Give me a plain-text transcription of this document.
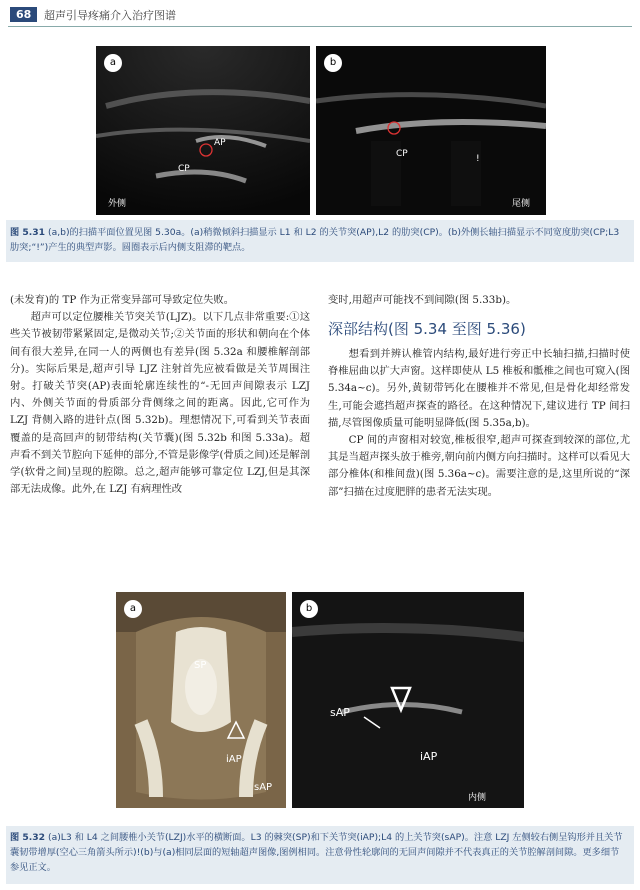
68	超声引导疼痛介入治疗图谱
a
AP
CP
外侧
b
CP	!
尾侧
图 5.31 (a,b)的扫描平面位置见图 5.30a。(a)稍微倾斜扫描显示 L1 和 L2 的关节突(AP),L2 的肋突(CP)。(b)外侧长轴扫描显示不同宽度肋突(CP;L3 肋突;“!”)产生的典型声影。圆圈表示后内侧支阻滞的靶点。

(未发育)的 TP 作为正常变异部可导致定位失败。

超声可以定位腰椎关节突关节(LJZ)。以下几点非常重要:①这些关节被韧带紧紧固定,是微动关节;②关节面的形状和朝向在个体间有很大差异,在同一人的两侧也有差异(图 5.32a 和腰椎解剖部分)。实际后果是,超声引导 LJZ 注射首先应被看做是关节周围注射。打破关节突(AP)表面轮廓连续性的“-无回声间隙表示 LZJ 内、外侧关节面的骨质部分背侧缘之间的距离。因此,它可作为 LZJ 背侧入路的进针点(图 5.32b)。理想情况下,可看到关节表面覆盖的是高回声的韧带结构(关节囊)(图 5.32b 和图 5.33a)。超声看不到关节腔向下延伸的部分,不管是影像学(骨质之间)还是解剖学(软骨之间)呈现的腔隙。总之,超声能够可靠定位 LZJ,但是其深部无法成像。此外,在 LZJ 有病理性改

变时,用超声可能找不到间隙(图 5.33b)。

深部结构(图 5.34 至图 5.36)

想看到并辨认椎管内结构,最好进行旁正中长轴扫描,扫描时使脊椎屈曲以扩大声窗。这样即使从 L5 椎板和骶椎之间也可窥入(图 5.34a~c)。另外,黄韧带钙化在腰椎并不常见,但是骨化却经常发生,可能会遮挡超声探查的路径。在这种情况下,建议进行 TP 间扫描,尽管图像质量可能明显降低(图 5.35a,b)。

CP 间的声窗相对较宽,椎板很窄,超声可探查到较深的部位,尤其是当超声探头放于椎旁,朝向前内侧方向扫描时。这样可以看见大部分椎体(和椎间盘)(图 5.36a~c)。需要注意的是,这里所说的“深部”扫描在过度肥胖的患者无法实现。

a
SP
iAP
sAP
b
sAP
iAP
内侧
图 5.32 (a)L3 和 L4 之间腰椎小关节(LZJ)水平的横断面。L3 的棘突(SP)和下关节突(iAP);L4 的上关节突(sAP)。注意 LZJ 左侧较右侧呈钩形并且关节囊韧带增厚(空心三角箭头所示)!(b)与(a)相同层面的短轴超声图像,图例相同。注意骨性轮廓间的无回声间隙并不代表真正的关节腔解剖间隙。更多细节参见正文。
